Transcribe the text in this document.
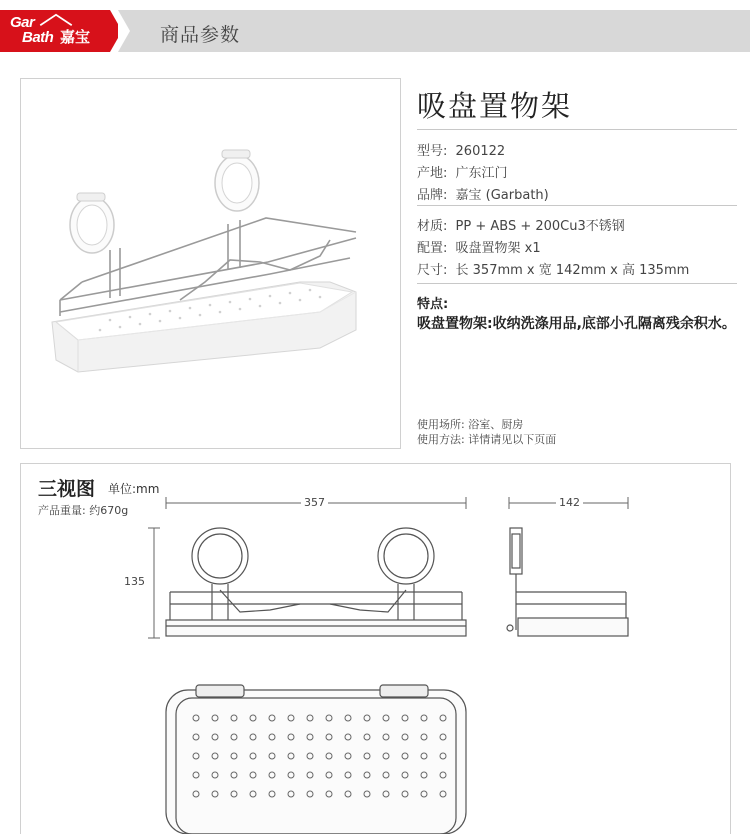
Gar
Bath 嘉宝	商品参数
吸盘置物架
型号: 260122
产地: 广东江门
品牌: 嘉宝 (Garbath)
材质: PP + ABS + 200Cu3不锈钢
配置: 吸盘置物架 x1
尺寸: 长 357mm x 宽 142mm x 高 135mm
特点:
吸盘置物架:收纳洗涤用品,底部小孔隔离残余积水。
使用场所: 浴室、厨房
使用方法: 详情请见以下页面
三视图 单位:mm
产品重量: 约670g
357	142
135
